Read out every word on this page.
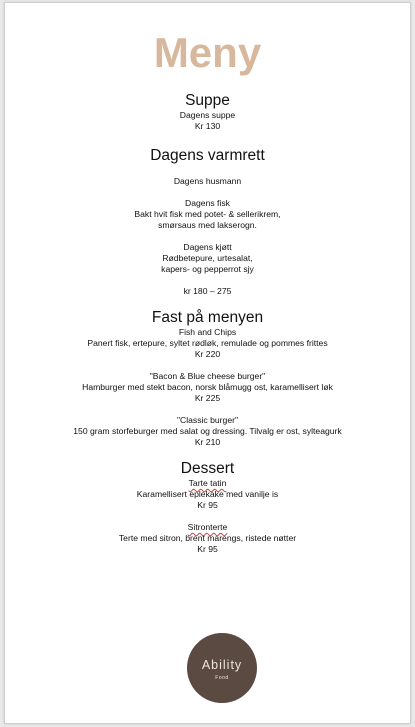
Meny
Suppe

Dagens suppe

Kr 130

Dagens varmrett

Dagens husmann

Dagens fisk

Bakt hvit fisk med potet- & sellerikrem,

smørsaus med lakserogn.

Dagens kjøtt

Rødbetepure, urtesalat,

kapers- og pepperrot sjy

kr 180 – 275

Fast på menyen

Fish and Chips

Panert fisk, ertepure, syltet rødløk, remulade og pommes frittes

Kr 220

"Bacon & Blue cheese burger"

Hamburger med stekt bacon, norsk blåmugg ost, karamellisert løk

Kr 225

"Classic burger"

150 gram storfeburger med salat og dressing. Tilvalg er ost, sylteagurk

Kr 210

Dessert

Tarte tatin

Karamellisert eplekake med vanilje is

Kr 95

Sitronterte

Terte med sitron, brent marengs, ristede nøtter

Kr 95

Ability
Food
